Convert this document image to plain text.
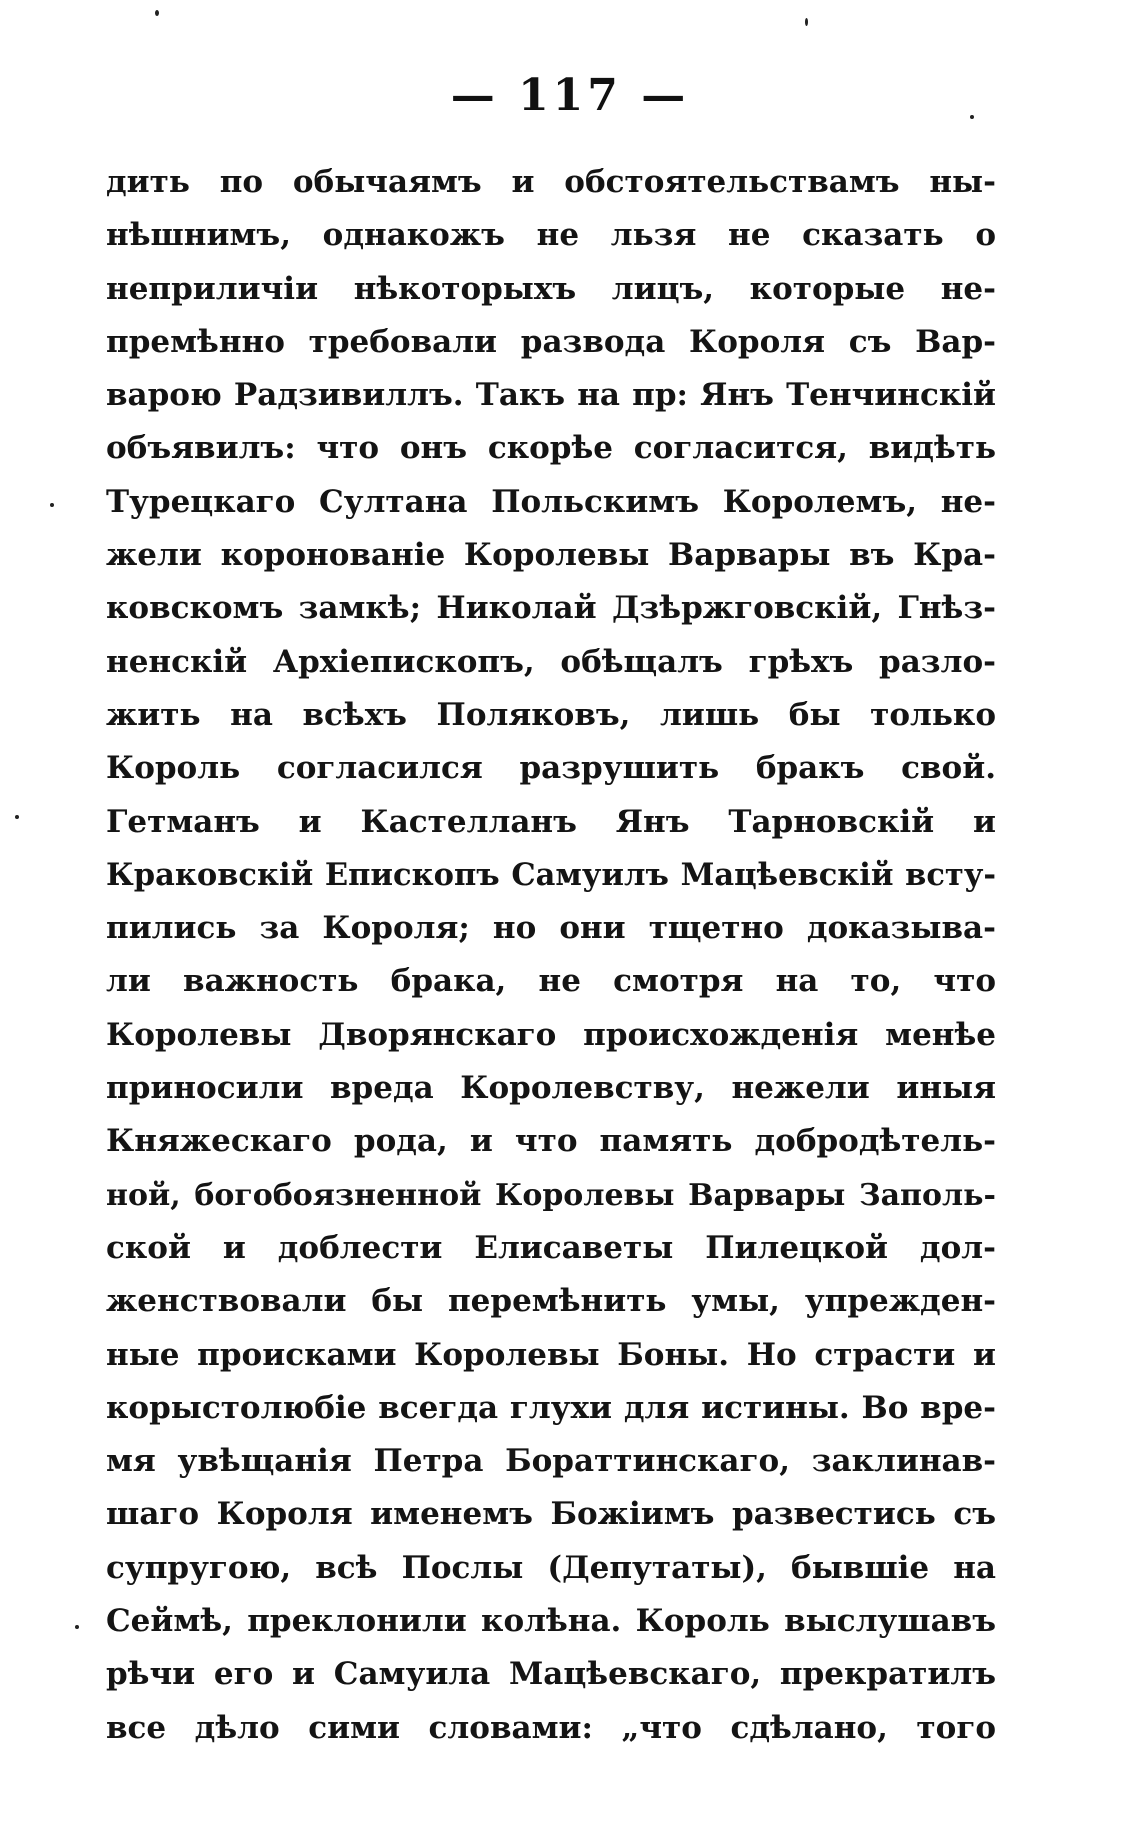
— 117 —
дить по обычаямъ и обстоятельствамъ ны-
нѣшнимъ, однакожъ не льзя не сказать о
неприличіи нѣкоторыхъ лицъ, которые не-
премѣнно требовали развода Короля съ Вар-
варою Радзивиллъ. Такъ на пр: Янъ Тенчинскій
объявилъ: что онъ скорѣе согласится, видѣть
Турецкаго Султана Польскимъ Королемъ, не-
жели коронованіе Королевы Варвары въ Кра-
ковскомъ замкѣ; Николай Дзѣржговскій, Гнѣз-
ненскій Архіепископъ, обѣщалъ грѣхъ разло-
жить на всѣхъ Поляковъ, лишь бы только
Король согласился разрушить бракъ свой.
Гетманъ и Кастелланъ Янъ Тарновскій и
Краковскій Епископъ Самуилъ Мацѣевскій всту-
пились за Короля; но они тщетно доказыва-
ли важность брака, не смотря на то, что
Королевы Дворянскаго происхожденія менѣе
приносили вреда Королевству, нежели иныя
Княжескаго рода, и что память добродѣтель-
ной, богобоязненной Королевы Варвары Заполь-
ской и доблести Елисаветы Пилецкой дол-
женствовали бы перемѣнить умы, упрежден-
ные происками Королевы Боны. Но страсти и
корыстолюбіе всегда глухи для истины. Во вре-
мя увѣщанія Петра Бораттинскаго, заклинав-
шаго Короля именемъ Божіимъ развестись съ
супругою, всѣ Послы (Депутаты), бывшіе на
Сеймѣ, преклонили колѣна. Король выслушавъ
рѣчи его и Самуила Мацѣевскаго, прекратилъ
все дѣло сими словами: „что сдѣлано, того
